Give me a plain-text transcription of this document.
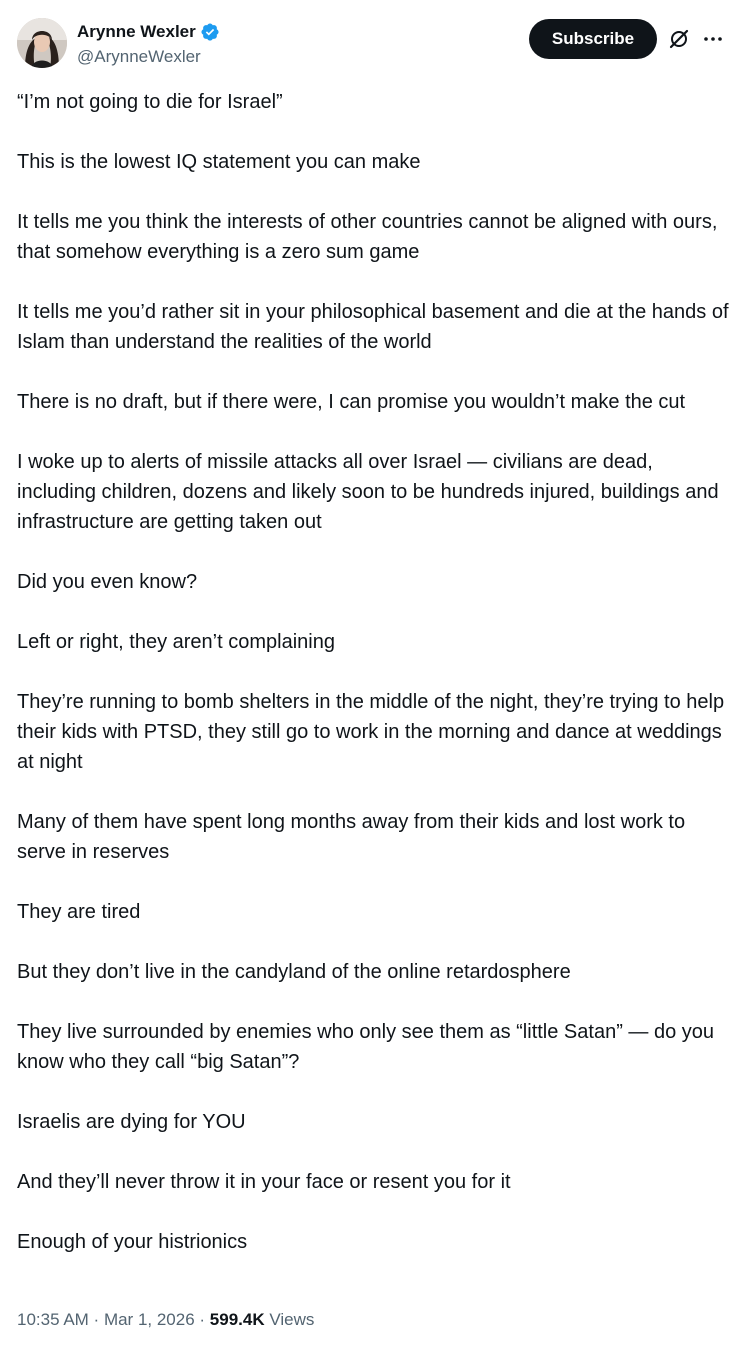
Arynne Wexler
@ArynneWexler
Subscribe

“I’m not going to die for Israel”

This is the lowest IQ statement you can make

It tells me you think the interests of other countries cannot be aligned with ours, that somehow everything is a zero sum game

It tells me you’d rather sit in your philosophical basement and die at the hands of Islam than understand the realities of the world

There is no draft, but if there were, I can promise you wouldn’t make the cut

I woke up to alerts of missile attacks all over Israel — civilians are dead, including children, dozens and likely soon to be hundreds injured, buildings and infrastructure are getting taken out

Did you even know?

Left or right, they aren’t complaining

They’re running to bomb shelters in the middle of the night, they’re trying to help their kids with PTSD, they still go to work in the morning and dance at weddings at night

Many of them have spent long months away from their kids and lost work to serve in reserves

They are tired

But they don’t live in the candyland of the online retardosphere

They live surrounded by enemies who only see them as “little Satan” — do you know who they call “big Satan”?

Israelis are dying for YOU

And they’ll never throw it in your face or resent you for it

Enough of your histrionics

10:35 AM · Mar 1, 2026 · 599.4K Views
